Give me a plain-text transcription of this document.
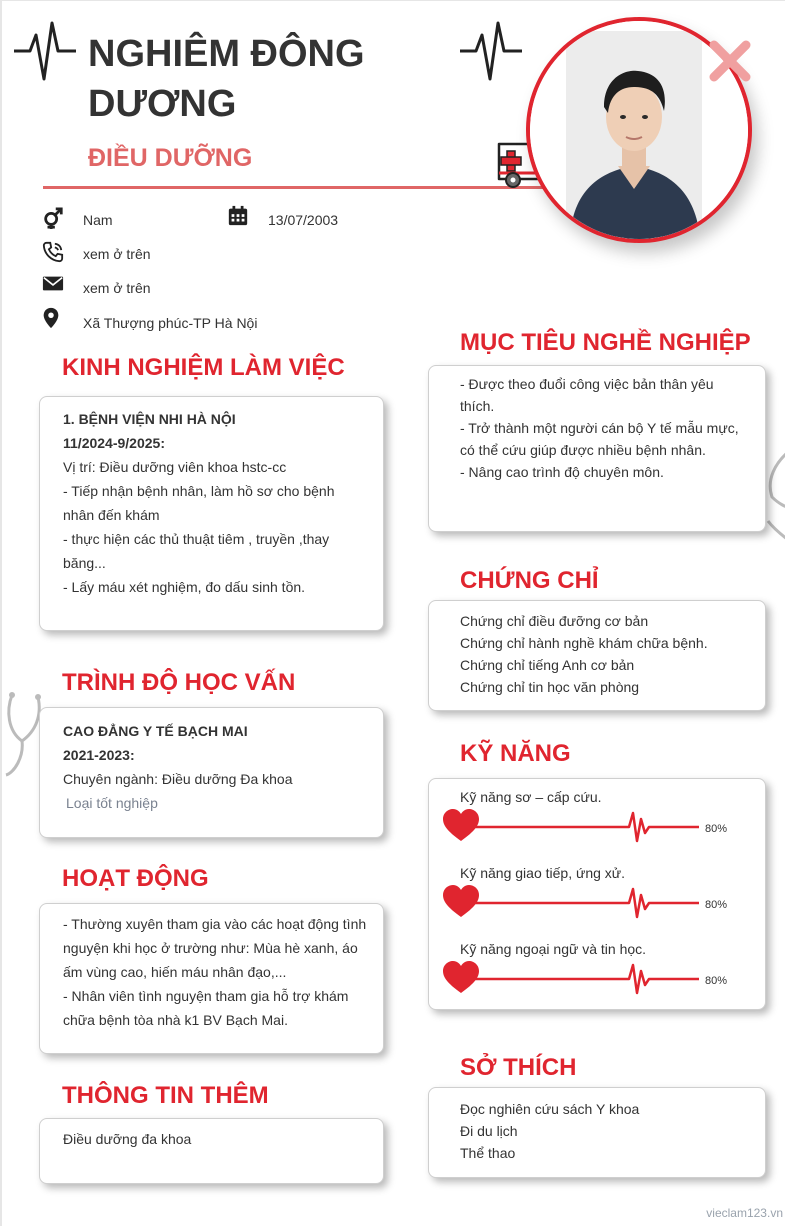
NGHIÊM ĐÔNG DƯƠNG
ĐIỀU DƯỠNG
Nam	13/07/2003
xem ở trên
xem ở trên
Xã Thượng phúc-TP Hà Nội
KINH NGHIỆM LÀM VIỆC
1. BỆNH VIỆN NHI HÀ NỘI
11/2024-9/2025:
Vị trí: Điều dưỡng viên khoa hstc-cc
- Tiếp nhận bệnh nhân, làm hồ sơ cho bệnh nhân đến khám
- thực hiện các thủ thuật tiêm , truyền ,thay băng...
- Lấy máu xét nghiệm, đo dấu sinh tồn.
TRÌNH ĐỘ HỌC VẤN
CAO ĐẲNG Y TẾ BẠCH MAI
2021-2023:
Chuyên ngành: Điều dưỡng Đa khoa
Loại tốt nghiệp
HOẠT ĐỘNG
- Thường xuyên tham gia vào các hoạt động tình nguyện khi học ở trường như: Mùa hè xanh, áo ấm vùng cao, hiến máu nhân đạo,...
- Nhân viên tình nguyện tham gia hỗ trợ khám chữa bệnh tòa nhà k1 BV Bạch Mai.
THÔNG TIN THÊM
Điều dưỡng đa khoa
MỤC TIÊU NGHỀ NGHIỆP
- Được theo đuổi công việc bản thân yêu thích.
- Trở thành một người cán bộ Y tế mẫu mực, có thể cứu giúp được nhiều bệnh nhân.
- Nâng cao trình độ chuyên môn.
CHỨNG CHỈ
Chứng chỉ điều đưỡng cơ bản
Chứng chỉ hành nghề khám chữa bệnh.
Chứng chỉ tiếng Anh cơ bản
Chứng chỉ tin học văn phòng
KỸ NĂNG
Kỹ năng sơ – cấp cứu.
80%
Kỹ năng giao tiếp, ứng xử.
80%
Kỹ năng ngoại ngữ và tin học.
80%
SỞ THÍCH
Đọc nghiên cứu sách Y khoa
Đi du lịch
Thể thao
vieclam123.vn
